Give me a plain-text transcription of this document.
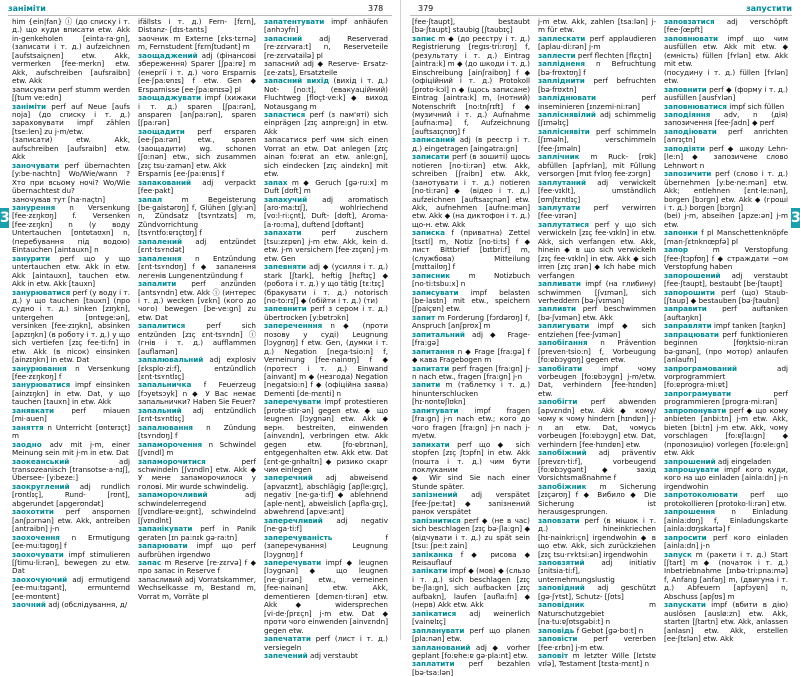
заніміти	378	379	запустити
3	3
him {ein|fan} ⓘ (до списку і т. д.) що куди вписати etw. Akk in-genkeholen [einta·ra·gn], (записати і т. д.) aufzeichnen [aufstsaiçnen] etw. Akk, vermerken [fee·merkn] etw. Akk, aufschreiben [aufsraibn] etw. Akk
записувати perf stumm werden [ʃtum ve:edn]
заніміти perf auf Neue [aufs noja] (до списку і т. д.) зараховувати impf zählen [tse:len] zu j-m/etw.
(записати) etw. Akk, aufschreiben [aufsraibn] etw. Akk
заночувати perf übernachten [y:be·nachtn] Wo/Wie/wann ? Хто при всьому ночі? Wo/Wie übernachtest du?
заночував тут [ha·naçtn]
занурення n Versenkung [fee·zɛŋkʊŋ] f. Versenken [fee·zɛŋkn] n (у воду Untertauchen [ʊntɐtaʊxn] n, (перебування під водою) Eintauchen [aintauxn] n
занурити perf що у що untertauchen etw. Akk in etw. Akk [aintauxn], tauchen etw. Akk in etw. Akk [tauxn]
занурюватися perf (у воду і т. д.) у що tauchen [tauxn] (про судно і т. д.) sinken [zɪŋkn], untergehen [ʊntɐge:ən], versinken [fee·zɪŋkn], absinken [apzɪŋkn] (в роботу і т. д.) у що sich vertiefen [zɪç fee·ti:fn] in etw. Akk (в пісок) einsinken [ainzɪŋkn] in etw. Dat
занурювання n Versenkung [fee·zɛŋkʊŋ] f
занурюватися impf einsinken [ainzɪŋkn] in etw. Dat, у що tauchen [tauxn] in etw. Akk
занявкати perf miauen [mi·auen]
заняття n Unterricht [ʊntɐrɪçt] m
заодно adv mit j-m, einer Meinung sein mit j-m in etw. Dat
заокеанський adj transozeanisch [transotse·a·nɪʃ], Übersee- [y:beze:]
заокруглений adj rundlich [rʊntlɪç], Rund- [rʊnt], abgerundet [apgerʊndət]
заохотити perf anspornen [anʃpɔrnən] etw. Akk, antreiben [antraibn] j-n
заохочення n Ermutigung [ee·mu:tɪgʊŋ] f
заохочувати impf stimulieren [ʃtimu·li:rən], bewegen zu etw. Dat
заохочуючий adj ermutigend [ee·mu:tɪgənt], ermunternd [ee·mʊntɐnt]
заочний adj (обслідування, д/
ifällsts i т. д.) Fern- [fɛrn], Distanz- [dɪs·tants]
заочник m Externe [ɛks·tɛrnə] m, Fernstudent [fɛrnʃtudənt] m
заощаджений adj (фінансові збереження) Sparer [ʃpa:rɐ] m (енергії і т. д.) чого Ersparnis [ee·ʃpa:ɐnɪs] f etw. Gen ◆ Ersparnisse [ee·ʃpa:ɐnɪsə] pl
заощаджувати impf (хижаки і т. д.) sparen [ʃpa:rən], ansparen [anʃpa:rən], sparen [ʃpa:rən]
заощадити perf ersparen [ee·ʃpa:rən] etw., sparen (заощадити) wg. schonen [ʃo:nən] etw., sich zusammen [zɪç tsu·zamən] etw. Akk
Ersparnis [ee·ʃpa:ɐnɪs] f
запакований adj verpackt [fee·pakt]
запал m Begeisterung [be·gaistərʊŋ] f, Glühen [gly:ən] n, Zündsatz [tsʏntzats] m, Zündvorrichtung [tsʏntfo:ɐrɪçtʊŋ] f
запалений adj entzündet [ɛnt·tsʏndət]
запалення n Entzündung [ɛnt·tsʏndʊŋ] f ◆ запалення легенів Lungenentzündung f
запалити perf anzünden [antsʏndn] etw. Akk ⓘ (интерес і т. д.) wecken [vɛkn] (кого до чого) bewegen [be·ve:gn] zu etw. Dat
запалитися perf sich entzünden [zɪç ɛnt·tsʏndn] ⓘ (гнів і т. д.) aufflammen [auflamən]
запалювальний adj explosiv [ɛksplo·zi:f], entzündlich [ɛnt·tsʏntlɪç]
запальничка f Feuerzeug [fɔyɐtsɔyk] n ◆ У Вас немає запальнички? Haben Sie Feuer?
запальний adj entzündlich [ɛnt·tsʏntlɪç]
запалювання n Zündung [tsʏndʊŋ] f
запаморочення n Schwindel [ʃvɪndl] m
запаморочитися perf schwindeln [ʃvɪndln] etw. Akk ◆ У мене запаморочилося у голові. Mir wurde schwindelig.
запаморочливий adj schwindelerregend [ʃvɪndləre·ɐe:gnt], schwindelnd [ʃvɪndlnt]
запанікувати perf in Panik geraten [ɪn pa:nɪk gə·ra:tn]
запарювати impf що perf aufbrühen irgendwo
запас m Reserve [re·zɛrvə] f ◆ про запас in Reserve f
запасливий adj Vorratskammer, Wechselkasse m, Bestand m, Vorrat m, Vorräte pl
запатентувати impf anhäufen [anhɔyfn]
запасний adj Reserverad [re·zɛrvəra:t] n, Reserveteile [re·zɛrvətailə] pl
запасний adj ◆ Reserve- Ersatz- [ɛe·zats], Ersatzteile
запасний вихід (вихід і т. д.) Not- [no:t], (евакуаційний) Fluchtweg [flʊçt·ve:k] ◆ виход Notausgang m
запастися perf (з пам'яті) sich einprägen [zɪç aɪnpre:gn] in etw. Akk
запасатися perf чим sich einen Vorrat an etw. Dat anlegen [zɪç ainən fo:ɐrat an etw. anle:gn], sich eindecken [zɪç aindɛkn] mit etw.
запах m ◆ Geruch [gə·ru:x] m Duft [dʊft] m
запахучий adj aromatisch [aro·ma:tɪʃ], wohlriechend [vo:l·ri:çnt], Duft- [dʊft], Aroma- [a·ro:ma], duftend [dʊftənt]
запахати perf zuschern [tsu:zɛpɐn] j-m etw. Akk, kein d. etw. j-m versichern [fee·zɪçɐn] j-m etw. Gen
запевняти adj ◆ (усилля і т. д.) stark [ʃtark], heftig [hɛftɪç] ◆ (робота і т. д.) у що tätig [tɛ:tɪç]
(бракувати і т. д.) notorisch [no·to:rɪʃ] ◆ (обійти і т. д.) (ти)
запевнити perf з сером і т. д.) übertrocken [y:bɐtrɔkn]
запереченння n ◆ (проти позову у суді) Leugnung [lɔygnʊŋ] f etw. Gen, (думки і т. д.) Negation [nega·tsio:n] f, Verneinung [fee·nainʊŋ] f ◆ (протест і т. д.) Einwand [ainvant] m ◆ (незгода) Negation [negatsio:n] f ◆ (офіційна заява) Dementi [de·mɛnti] n
заперечувати impf protestieren [prote·stir·ən] gegen etw. ◆ що leugnen [lɔygnən] etw. Akk ◆ верн. bestreiten, einwenden [ainvɛndn], verbringen etw. Akk gegen etw. [fo·ɐbrɪnən], entgegenhalten etw. Akk etw. Dat [ɛnt·ge·gnhaltn] ◆ ризико скарг чим einlegen
заперечний adj abweisend [apvaɪznt], abschlägig [apʃle:gɪç], negativ [ne·ga·ti:f] ◆ ablehnend [aple·nent], abweislich [apfla·gɪç], abwehrend [apve:ənt]
заперечливий adj negativ [ne·ga·ti:f]
заперечуваність f (заперечування) Leugnung [lɔygnʊŋ] f
заперечувати impf ◆ leugnen [lɔygnən] ◆ що leugnen [ne·gi:rən] etw., verneinen [fee·nainən] etw. Akk, dementieren [demɛn·ti:rən] etw. Akk ◆ widersprechen [vi·de·ʃprɛçn] j-m etw. Dat ◆ проти чого einwenden [ainvɛndn] gegen etw.
запечатати perf (лист і т. д.) versiegeln
запечений adj verstaubt
[fee·ʃtaupt], bestaubt [bə·ʃtaupt] staubig [ʃtaubɪç]
запис m ◆ (до реєстру і т. д.) Registrierung [regɪs·tri:rʊŋ] f, (результату і т. д.) Eintrag [aintra:k] m ◆ (до шкоди і т. д.) Einschreibung [ainʃraibʊŋ] f ◆ (офіційний і т. д.) Protokoll [proto·kɔl] n ◆ (щось записане) Eintrag [aintra:k] m, (нотний) Notenschrift [no:tnʃrɪft] f ◆ (музичний і т. д.) Aufnahme [aufna:mə] f, Aufzeichnung [auftsaɪçnʊŋ] f
записаний adj (в реєстр і т. д.) eingetragen [aingətra:gn]
записати perf (в зошиті) щось notieren [no·ti:rən] etw. Akk, schreiben [ʃraibn] etw. Akk, (занотувати і т. д.) notieren [no·ti:rən] ◆ (відео і т. д.) aufzeichnen [auftsaɪçnən] etw. Akk, aufnehmen [aufne:mən] etw. Akk ◆ (на диктофон і т. д.) що-н. etw. Akk
записка f (приватна) Zettel [tsɛtl] m, Notiz [no·ti:ts] f ◆ лист Bittbrief [bɪtbri:f] m, (службова) Mitteilung [mɪttailʊŋ] f
записник m Notizbuch [no·ti:tsbu:x] n
запиcувати impf belasten [be·lastn] mit etw., speichern [ʃpaiçɐn] etw.
запит m Forderung [fɔrdərʊŋ] f, Anspruch [anʃprʊx] m
запитальний adj ◆ Frage- [fra:gə]
запитання n ◆ Frage [fra:gə] f ◆ кава Fragebogen m
запитати perf fragen [fra:gn] j-n nach etw., fragen [fra:gn] j-n
запити m (таблетку і т. д.) hinunterschlucken [hɪ·nʊntɐʃlʊkn]
запитувати impf fragen [fra:gn] j-n nach etw.; кого до чого fragen [fra:gn] j-n nach j-m/etw.
запихати perf що ◆ sich stopfen [zɪç ʃtɔpfn] in etw. Akk (пошта і т. д.) чим бути поклуканим
◆ Wir sind Sie nach einer Stunde später.
запізнений adj verspätet [fee·ʃpe:tət] ◆ запізнений ранок verspätet
запізнитися perf ◆ (не в час) sich beschlagen [zɪç bə·ʃla:gn] ◆ (відчувати і т. д.) zu spät sein [tsu: ʃpe:t zain]
запіканка f ◆ рисова ◆ Reisauflauf
запікати impf ◆ (мов) ◆ (сльзо і т. д.) sich beschlagen [zɪç be·ʃla:gn], sich aufbacken [zɪç aufbakn], laufen [aufla:fn] ◆ (нерв) Akk etw. Akk
запікатися adj weinerlich [vainɐlɪç]
запланувати perf що planen [pla:nən] etw.
запланований adj ◆ vorher geplant [fo:ɐhe:ɐ gə·pla:nt] etw.
заплатити perf bezahlen [bə·tsa:lən]
j-m etw. Akk, zahlen [tsa:lən] j-m für etw.
заплескати perf applaudieren [aplau·di:rən] j-m
заплести perf flechten [flɛçtn]
заплідненя n Befruchtung [bə·frʊxtʊŋ] f
запліднити perf befruchten [bə·frʊxtn]
запліднювати perf inseminieren [ɪnzemi·ni:rən]
запліснявілий adj schimmelig [ʃɪməlɪç]
запліснявіти perf schimmeln [ʃɪməln], verschimmeln [fee·ʃɪməln]
заплічник m Ruck- [rʊk] abfüllen [apfʏlən], mit Füllung versorgen [mɪt fʏlʊŋ fee·zɔrgn]
заплутаний adj verwickelt [fee·vɪklt], umständlich [ʊmʃtɛntlɪç]
заплутати perf verwirren [fee·vɪrən]
заплутатися perf у що sich verwickeln [zɪç fee·vɪkln] in etw. Akk, sich verfangen etw. Akk, hinein ◆ в що sich verwickeln [zɪç fee·vɪkln] in etw. Akk ◆ sich irren [zɪç ɪrən] ◆ Ich habe mich verfangen
запливати impf (на глибину) schwimmen [ʃvɪmən], sich verheddern [bə·ʃvɪmən]
запливти perf beschwimmen [bə·ʃvɪmən] etw. Akk
заплигувати impf ◆ sich entziehen [fee·ʃvɪmən]
запобігання n Prävention [preven·tsio:n] f, Vorbeugung [fo:ɐbɔygʊŋ] gegen etw.
запобігати impf чому vorbeugen [fo:ɐbɔygn] j-m/etw. Dat, verhindern [fee·hɪndɐn] etw.
запобігти perf abwenden [apvɛndn] etw. Akk ◆ кому/чому к чому hindern [hɪndɐn] j-n an etw. Dat, чомусь vorbeugen [fo:ɐbɔygn] etw. Dat, verhindern [fee·hɪndɐn] etw.
запобіжний adj präventiv [prevɛn·ti:f], vorbeugend [fo:ɐbɔygənt] ◆ захід Vorsichtsmaßnahme f
запобіжник m Sicherung [zɪçərʊŋ] f ◆ Вибило ◆ Die Sicherung ist herausgesprungen.
заповзати perf (в мішок і т. д.) hineinkriechen [hɪ·nainkri:çn] irgendwohin ◆ в що etw. Akk, sich zurückziehen [zɪç tsu·rʏktsi:ən] irgendwohin
заповзятий adj initiativ [ɪnitsia·ti:f], unternehmungslustig
заповідний adj geschützt [gə·ʃʏtst], Schutz- [ʃʊts]
заповідник m Naturschutzgebiet [na·tu:ɐʃʊtsgəbi:t] n
заповідь f Gebot [gə·bo:t] n
заповісти perf vererben [fee·ɛrbn] j-m etw.
заповіт m letzter Wille [lɛtstɐ vɪlə], Testament [tɛsta·mɛnt] n
заповзатися adj verschöpft [fee·ʃœpft]
заповнювати impf що чим ausfüllen etw. Akk mit etw. ◆ (ємність) füllen [fʏlən] etw. Akk mit etw.
(посудину і т. д.) füllen [fʏlən] etw.
заповнити perf ◆ (форму і т. д.) ausfüllen [ausfʏlən]
заповнюватися impf sich füllen
заподіяння adv, n (дія) запозичення [fee·ʃadn] ◆ perf
заподіювати perf anrichten [anrɪçtn]
заподіяти perf ◆ шкоду Lehn- [le:n] ◆ запозичене слово Lehnwort n
запозичити perf (слово і т. д.) übernehmen [y:be·ne:mən] etw. Akk; entlehnen [ɛnt·le:nən], borgen [bɔrgn] etw. Akk ◆ (гроші і т. д.) borgen [bɔrgn]
(bei) j-m, abseihen [apze:ən] j-m etw.
запонки f pl Manschettenknöpfe [man·ʃɛtnknœpfə] pl
запор m Verstopfung [fee·ʃtɔpfʊŋ] f ◆ страждати ~ом Verstopfung haben
запорошений adj verstaubt [fee·ʃtaupt], bestaubt [be·ʃtaupt]
запорошити perf (що) Staub- [ʃtaup] ◆ bestauben [bə·ʃtaubn]
заправити perf auftanken [auftaŋkn]
заправляти impf tanken [taŋkn]
запрацювати perf funktionieren beginnen [fʊŋktsio·ni:rən bə·gɪnən], (про мотор) anlaufen [anlaufn]
запрограмований adj vorprogrammiert [fo:ɐprogra·mi:ɐt]
запрограмувати perf programmieren [progra·mi:rən]
запропонувати perf ◆ що кому anbieten [anbi:tn] j-m etw. Akk, bieten [bi:tn] j-m etw. Akk, чому vorschlagen [fo:ɐʃla:gn] ◆ (пропозицію) vorlegen [fo:ɐle:gn] etw. Akk
запрошений adj eingeladen
запрошувати impf кого куди, кого на що einladen [ainla:dn] j-n irgendwohin
запротоколювати perf що protokollieren [protoko·li:rən] etw.
запрошення n Einladung [ainla:dʊŋ] f, Einladungskarte [ainla:dʊŋskartə] f
запросити perf кого einladen [ainla:dn] j-n
запуск m (ракети і т. д.) Start [ʃtart] m ◆ (початок і т. д.) Inbetriebnahme [ɪnbə·tri:pna:mə] f, Anfang [anfaŋ] m, (двигуна і т. д.) Abfeuern [apfɔyɐn] n, Abschuss [apʃʊs] m
запускати impf (вбити в дію) auslösen [auslø:zn] etw. Akk, starten [ʃtartn] etw. Akk, anlassen [anlasn] etw. Akk, erstellen [ee·ʃtɛlən] etw. Akk
